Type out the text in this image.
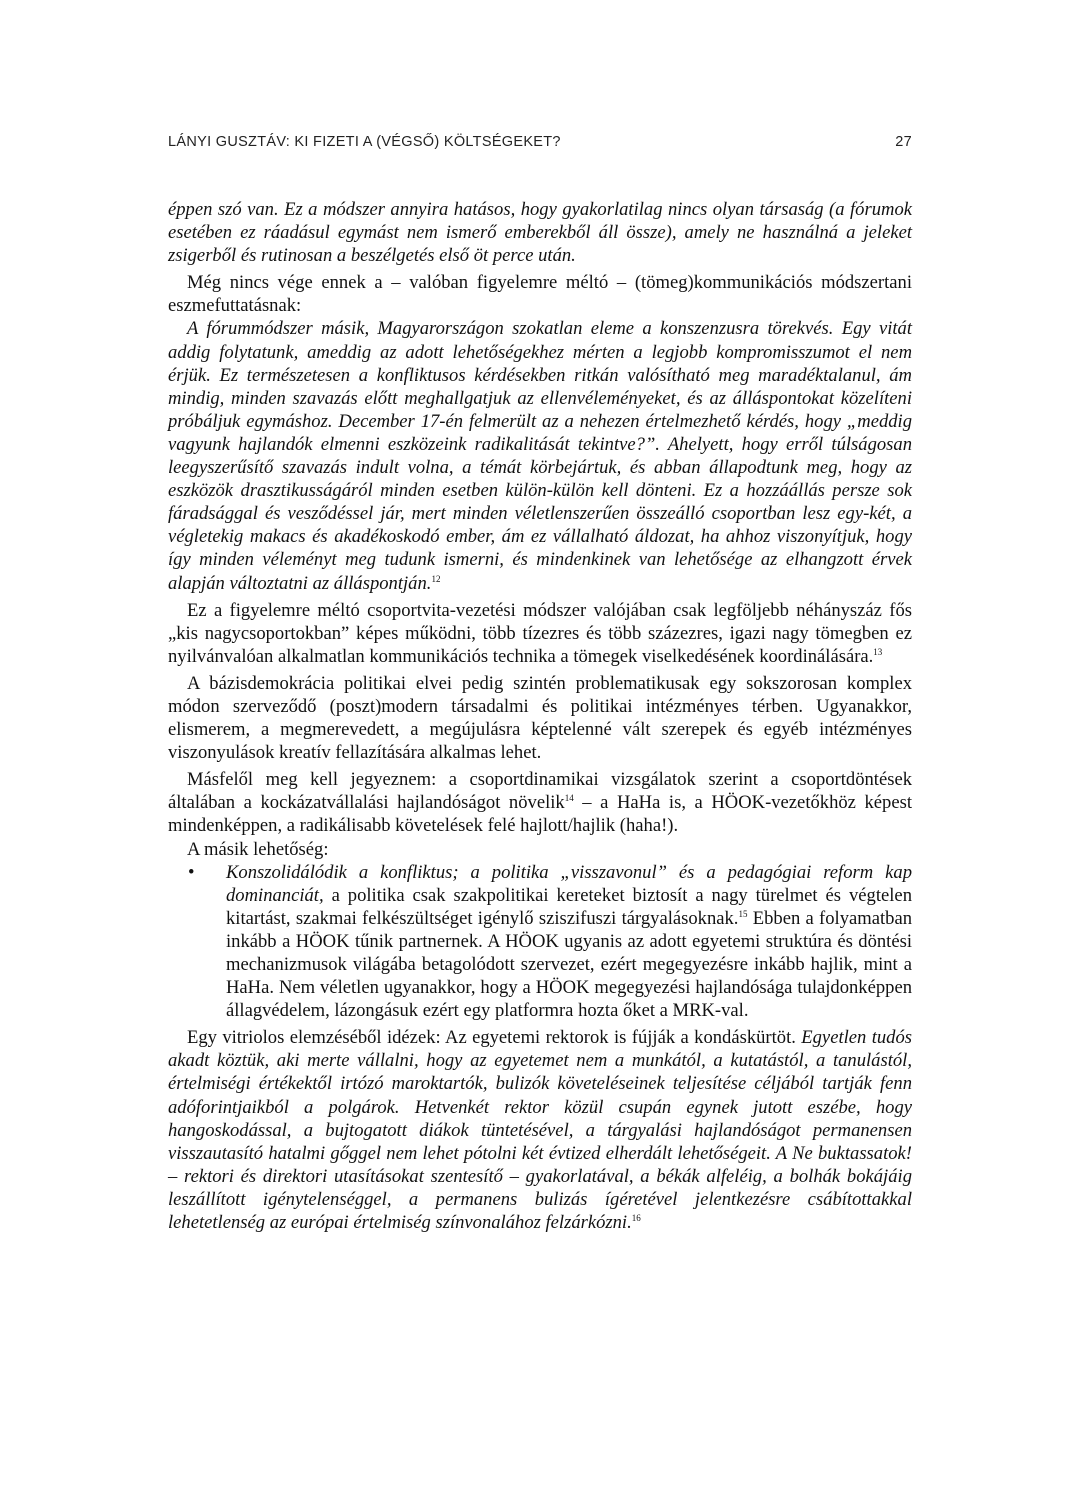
LÁNYI GUSZTÁV: KI FIZETI A (VÉGSŐ) KÖLTSÉGEKET?	27

éppen szó van. Ez a módszer annyira hatásos, hogy gyakorlatilag nincs olyan társaság (a fórumok esetében ez ráadásul egymást nem ismerő emberekből áll össze), amely ne használná a jeleket zsigerből és rutinosan a beszélgetés első öt perce után.

Még nincs vége ennek a – valóban figyelemre méltó – (tömeg)kommunikációs módszertani eszmefuttatásnak:

A fórummódszer másik, Magyarországon szokatlan eleme a konszenzusra törekvés. Egy vitát addig folytatunk, ameddig az adott lehetőségekhez mérten a legjobb kompromisszumot el nem érjük. Ez természetesen a konfliktusos kérdésekben ritkán valósítható meg maradéktalanul, ám mindig, minden szavazás előtt meghallgatjuk az ellenvéleményeket, és az álláspontokat közelíteni próbáljuk egymáshoz. December 17-én felmerült az a nehezen értelmezhető kérdés, hogy „meddig vagyunk hajlandók elmenni eszközeink radikalitását tekintve?”. Ahelyett, hogy erről túlságosan leegyszerűsítő szavazás indult volna, a témát körbejártuk, és abban állapodtunk meg, hogy az eszközök drasztikusságáról minden esetben külön-külön kell dönteni. Ez a hozzáállás persze sok fáradsággal és vesződéssel jár, mert minden véletlenszerűen összeálló csoportban lesz egy-két, a végletekig makacs és akadékoskodó ember, ám ez vállalható áldozat, ha ahhoz viszonyítjuk, hogy így minden véleményt meg tudunk ismerni, és mindenkinek van lehetősége az elhangzott érvek alapján változtatni az álláspontján.$^{12}$

Ez a figyelemre méltó csoportvita-vezetési módszer valójában csak legföljebb néhányszáz fős „kis nagycsoportokban” képes működni, több tízezres és több százezres, igazi nagy tömegben ez nyilvánvalóan alkalmatlan kommunikációs technika a tömegek viselkedésének koordinálására.$^{13}$

A bázisdemokrácia politikai elvei pedig szintén problematikusak egy sokszorosan komplex módon szerveződő (poszt)modern társadalmi és politikai intézményes térben. Ugyanakkor, elismerem, a megmerevedett, a megújulásra képtelenné vált szerepek és egyéb intézményes viszonyulások kreatív fellazítására alkalmas lehet.

Másfelől meg kell jegyeznem: a csoportdinamikai vizsgálatok szerint a csoportdöntések általában a kockázatvállalási hajlandóságot növelik$^{14}$ – a HaHa is, a HÖOK-vezetőkhöz képest mindenképpen, a radikálisabb követelések felé hajlott/hajlik (haha!).

A másik lehetőség:

•	Konszolidálódik a konfliktus; a politika „visszavonul” és a pedagógiai reform kap dominanciát, a politika csak szakpolitikai kereteket biztosít a nagy türelmet és végtelen kitartást, szakmai felkészültséget igénylő sziszifuszi tárgyalásoknak.$^{15}$ Ebben a folyamatban inkább a HÖOK tűnik partnernek. A HÖOK ugyanis az adott egyetemi struktúra és döntési mechanizmusok világába betagolódott szervezet, ezért megegyezésre inkább hajlik, mint a HaHa. Nem véletlen ugyanakkor, hogy a HÖOK megegyezési hajlandósága tulajdonképpen állagvédelem, lázongásuk ezért egy platformra hozta őket a MRK-val.

Egy vitriolos elemzéséből idézek: Az egyetemi rektorok is fújják a kondáskürtöt. Egyetlen tudós akadt köztük, aki merte vállalni, hogy az egyetemet nem a munkától, a kutatástól, a tanulástól, értelmiségi értékektől irtózó maroktartók, bulizók követeléseinek teljesítése céljából tartják fenn adóforintjaikból a polgárok. Hetvenkét rektor közül csupán egynek jutott eszébe, hogy hangoskodással, a bujtogatott diákok tüntetésével, a tárgyalási hajlandóságot permanensen visszautasító hatalmi gőggel nem lehet pótolni két évtized elherdált lehetőségeit. A Ne buktassatok! – rektori és direktori utasításokat szentesítő – gyakorlatával, a békák alfeléig, a bolhák bokájáig leszállított igénytelenséggel, a permanens bulizás ígéretével jelentkezésre csábítottakkal lehetetlenség az európai értelmiség színvonalához felzárkózni.$^{16}$
